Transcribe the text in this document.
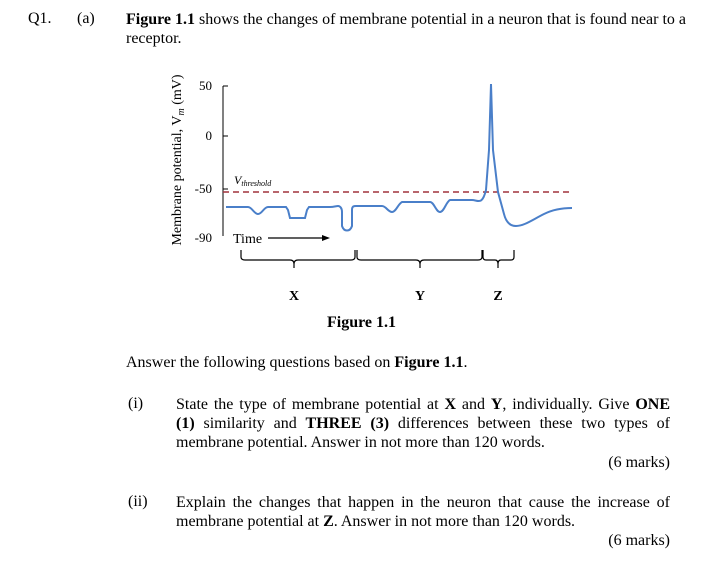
Q1. (a) Figure 1.1 shows the changes of membrane potential in a neuron that is found near to a receptor.
Membrane potential, $V_m$ (mV) 50
0
-50
-90
Vthreshold
Time
X	Y	Z
Figure 1.1
Answer the following questions based on Figure 1.1.
(i) State the type of membrane potential at X and Y, individually. Give ONE (1) similarity and THREE (3) differences between these two types of membrane potential. Answer in not more than 120 words.
(6 marks)
(ii) Explain the changes that happen in the neuron that cause the increase of membrane potential at Z. Answer in not more than 120 words.
(6 marks)
